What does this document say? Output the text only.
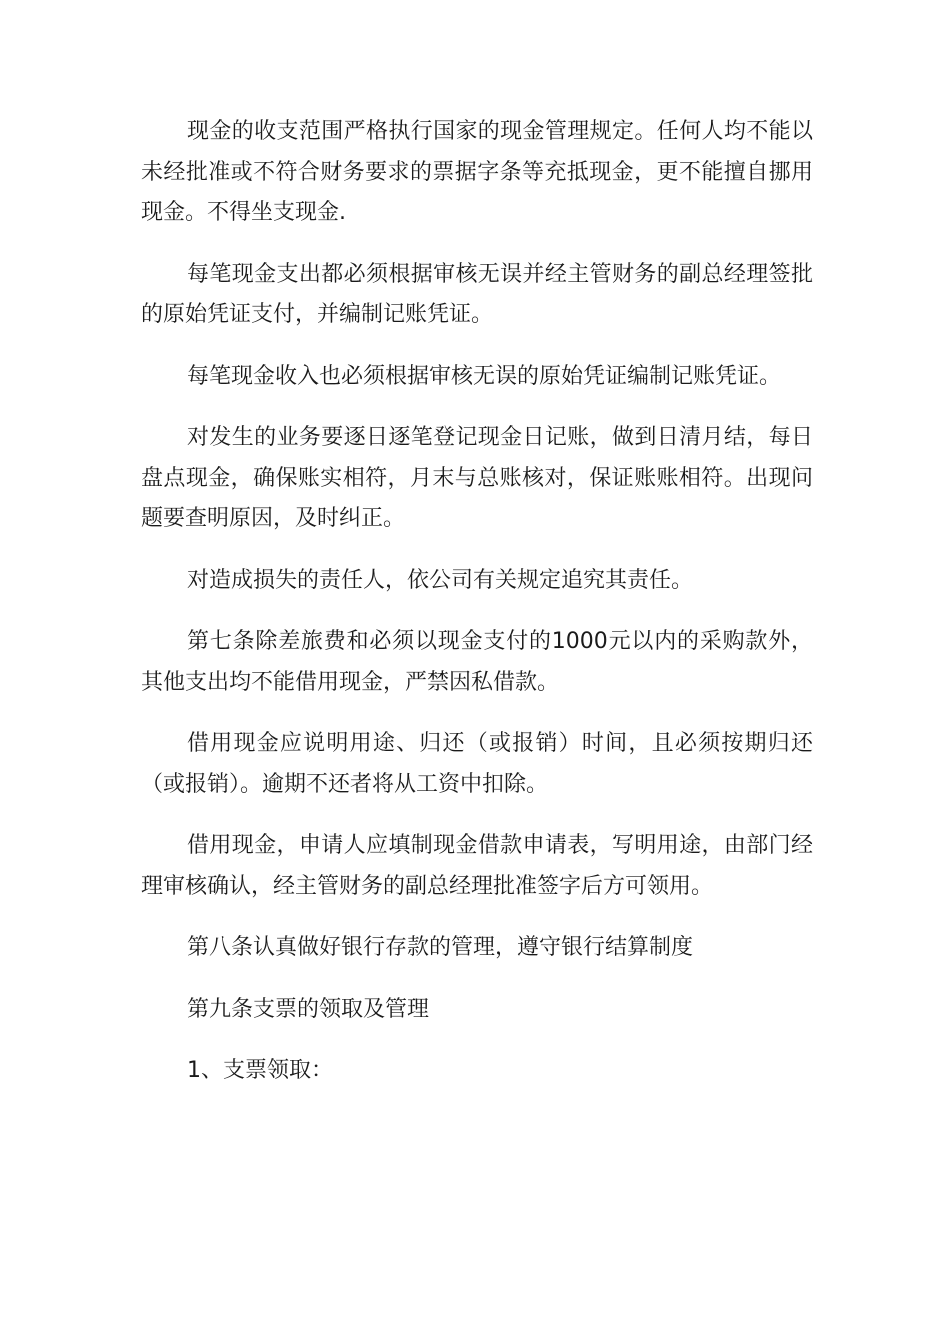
现金的收支范围严格执行国家的现金管理规定。任何人均不能以未经批准或不符合财务要求的票据字条等充抵现金，更不能擅自挪用现金。不得坐支现金.

每笔现金支出都必须根据审核无误并经主管财务的副总经理签批的原始凭证支付，并编制记账凭证。

每笔现金收入也必须根据审核无误的原始凭证编制记账凭证。

对发生的业务要逐日逐笔登记现金日记账，做到日清月结，每日盘点现金，确保账实相符，月末与总账核对，保证账账相符。出现问题要查明原因，及时纠正。

对造成损失的责任人，依公司有关规定追究其责任。

第七条除差旅费和必须以现金支付的1000元以内的采购款外，其他支出均不能借用现金，严禁因私借款。

借用现金应说明用途、归还（或报销）时间，且必须按期归还（或报销）。逾期不还者将从工资中扣除。

借用现金，申请人应填制现金借款申请表，写明用途，由部门经理审核确认，经主管财务的副总经理批准签字后方可领用。

第八条认真做好银行存款的管理，遵守银行结算制度

第九条支票的领取及管理

1、支票领取：
